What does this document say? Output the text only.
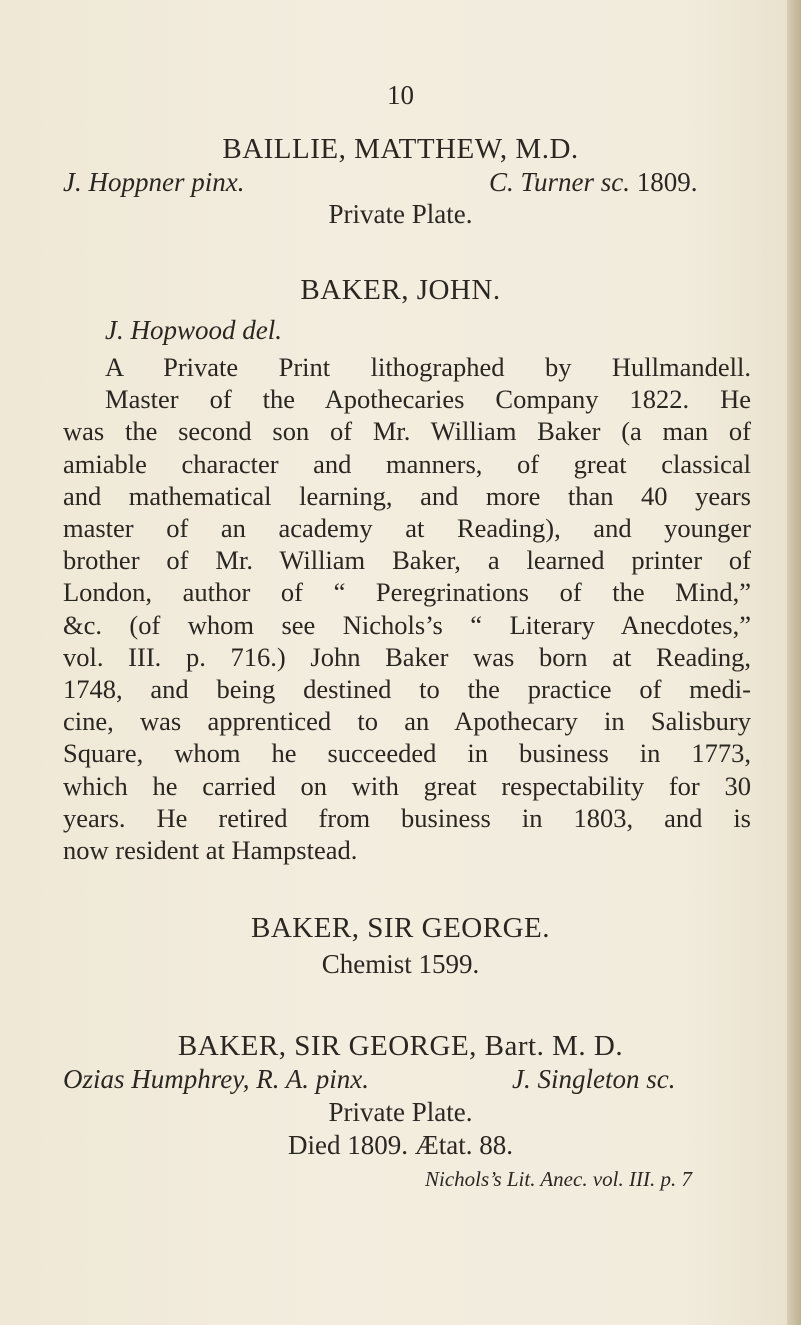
10
BAILLIE, MATTHEW, M.D.
J. Hoppner pinx.	C. Turner sc. 1809.
Private Plate.
BAKER, JOHN.
J. Hopwood del.
A Private Print lithographed by Hullmandell.
Master of the Apothecaries Company 1822. He
was the second son of Mr. William Baker (a man of
amiable character and manners, of great classical
and mathematical learning, and more than 40 years
master of an academy at Reading), and younger
brother of Mr. William Baker, a learned printer of
London, author of “ Peregrinations of the Mind,”
&c. (of whom see Nichols’s “ Literary Anecdotes,”
vol. III. p. 716.) John Baker was born at Reading,
1748, and being destined to the practice of medi-
cine, was apprenticed to an Apothecary in Salisbury
Square, whom he succeeded in business in 1773,
which he carried on with great respectability for 30
years. He retired from business in 1803, and is
now resident at Hampstead.
BAKER, SIR GEORGE.
Chemist 1599.
BAKER, SIR GEORGE, Bart. M. D.
Ozias Humphrey, R. A. pinx.	J. Singleton sc.
Private Plate.
Died 1809. Ætat. 88.
Nichols’s Lit. Anec. vol. III. p. 7
